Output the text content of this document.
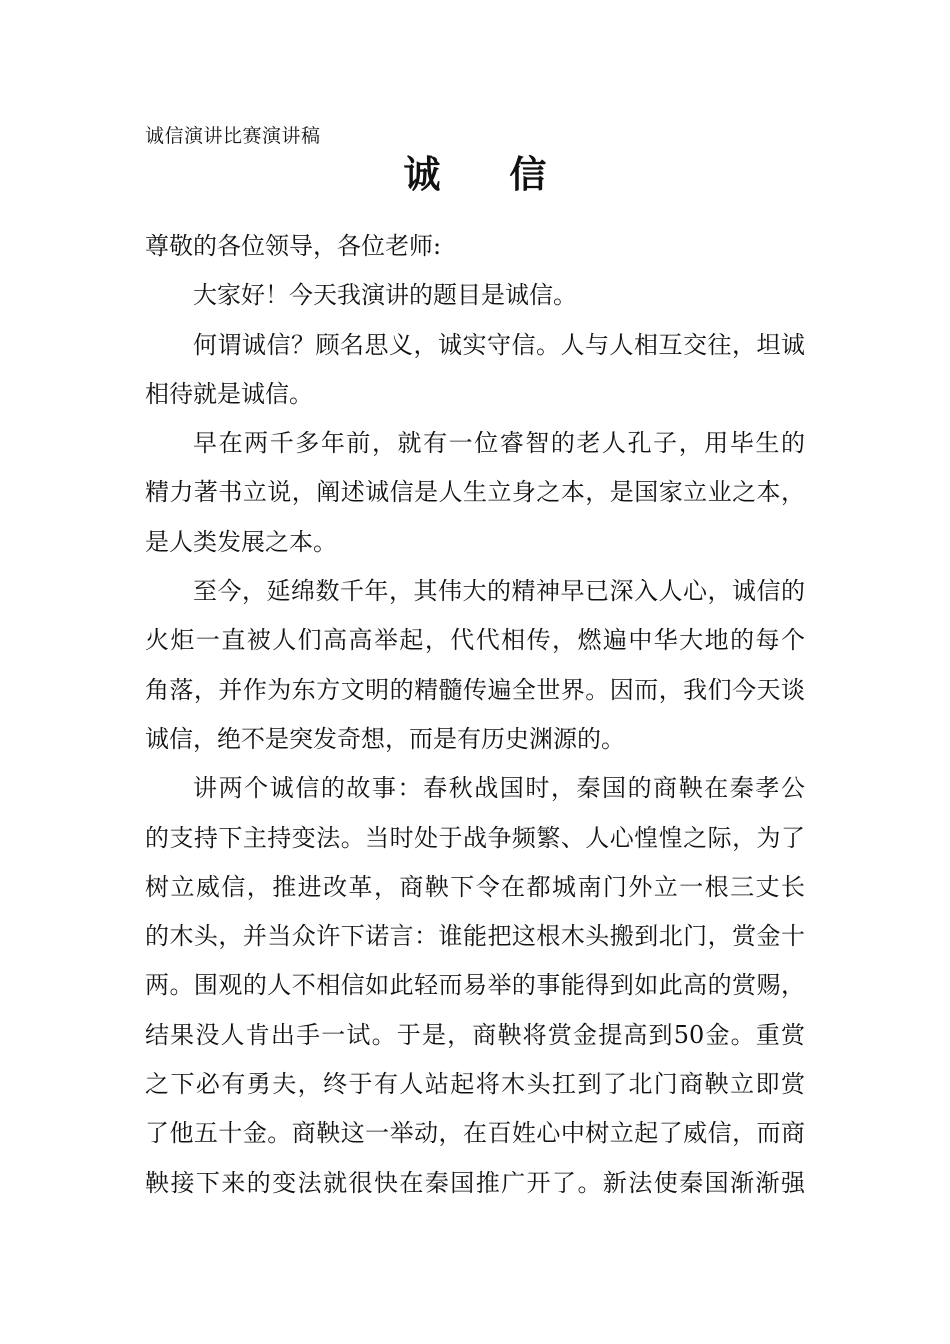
诚信演讲比赛演讲稿
诚 信

尊敬的各位领导，各位老师:

大家好！今天我演讲的题目是诚信。

何谓诚信？顾名思义，诚实守信。人与人相互交往，坦诚
相待就是诚信。

早在两千多年前，就有一位睿智的老人孔子，用毕生的
精力著书立说，阐述诚信是人生立身之本，是国家立业之本，
是人类发展之本。

至今，延绵数千年，其伟大的精神早已深入人心，诚信的
火炬一直被人们高高举起，代代相传，燃遍中华大地的每个
角落，并作为东方文明的精髓传遍全世界。因而，我们今天谈
诚信，绝不是突发奇想，而是有历史渊源的。

讲两个诚信的故事：春秋战国时，秦国的商鞅在秦孝公
的支持下主持变法。当时处于战争频繁、人心惶惶之际，为了
树立威信，推进改革，商鞅下令在都城南门外立一根三丈长
的木头，并当众许下诺言：谁能把这根木头搬到北门，赏金十
两。围观的人不相信如此轻而易举的事能得到如此高的赏赐，
结果没人肯出手一试。于是，商鞅将赏金提高到50金。重赏
之下必有勇夫，终于有人站起将木头扛到了北门商鞅立即赏
了他五十金。商鞅这一举动，在百姓心中树立起了威信，而商
鞅接下来的变法就很快在秦国推广开了。新法使秦国渐渐强
